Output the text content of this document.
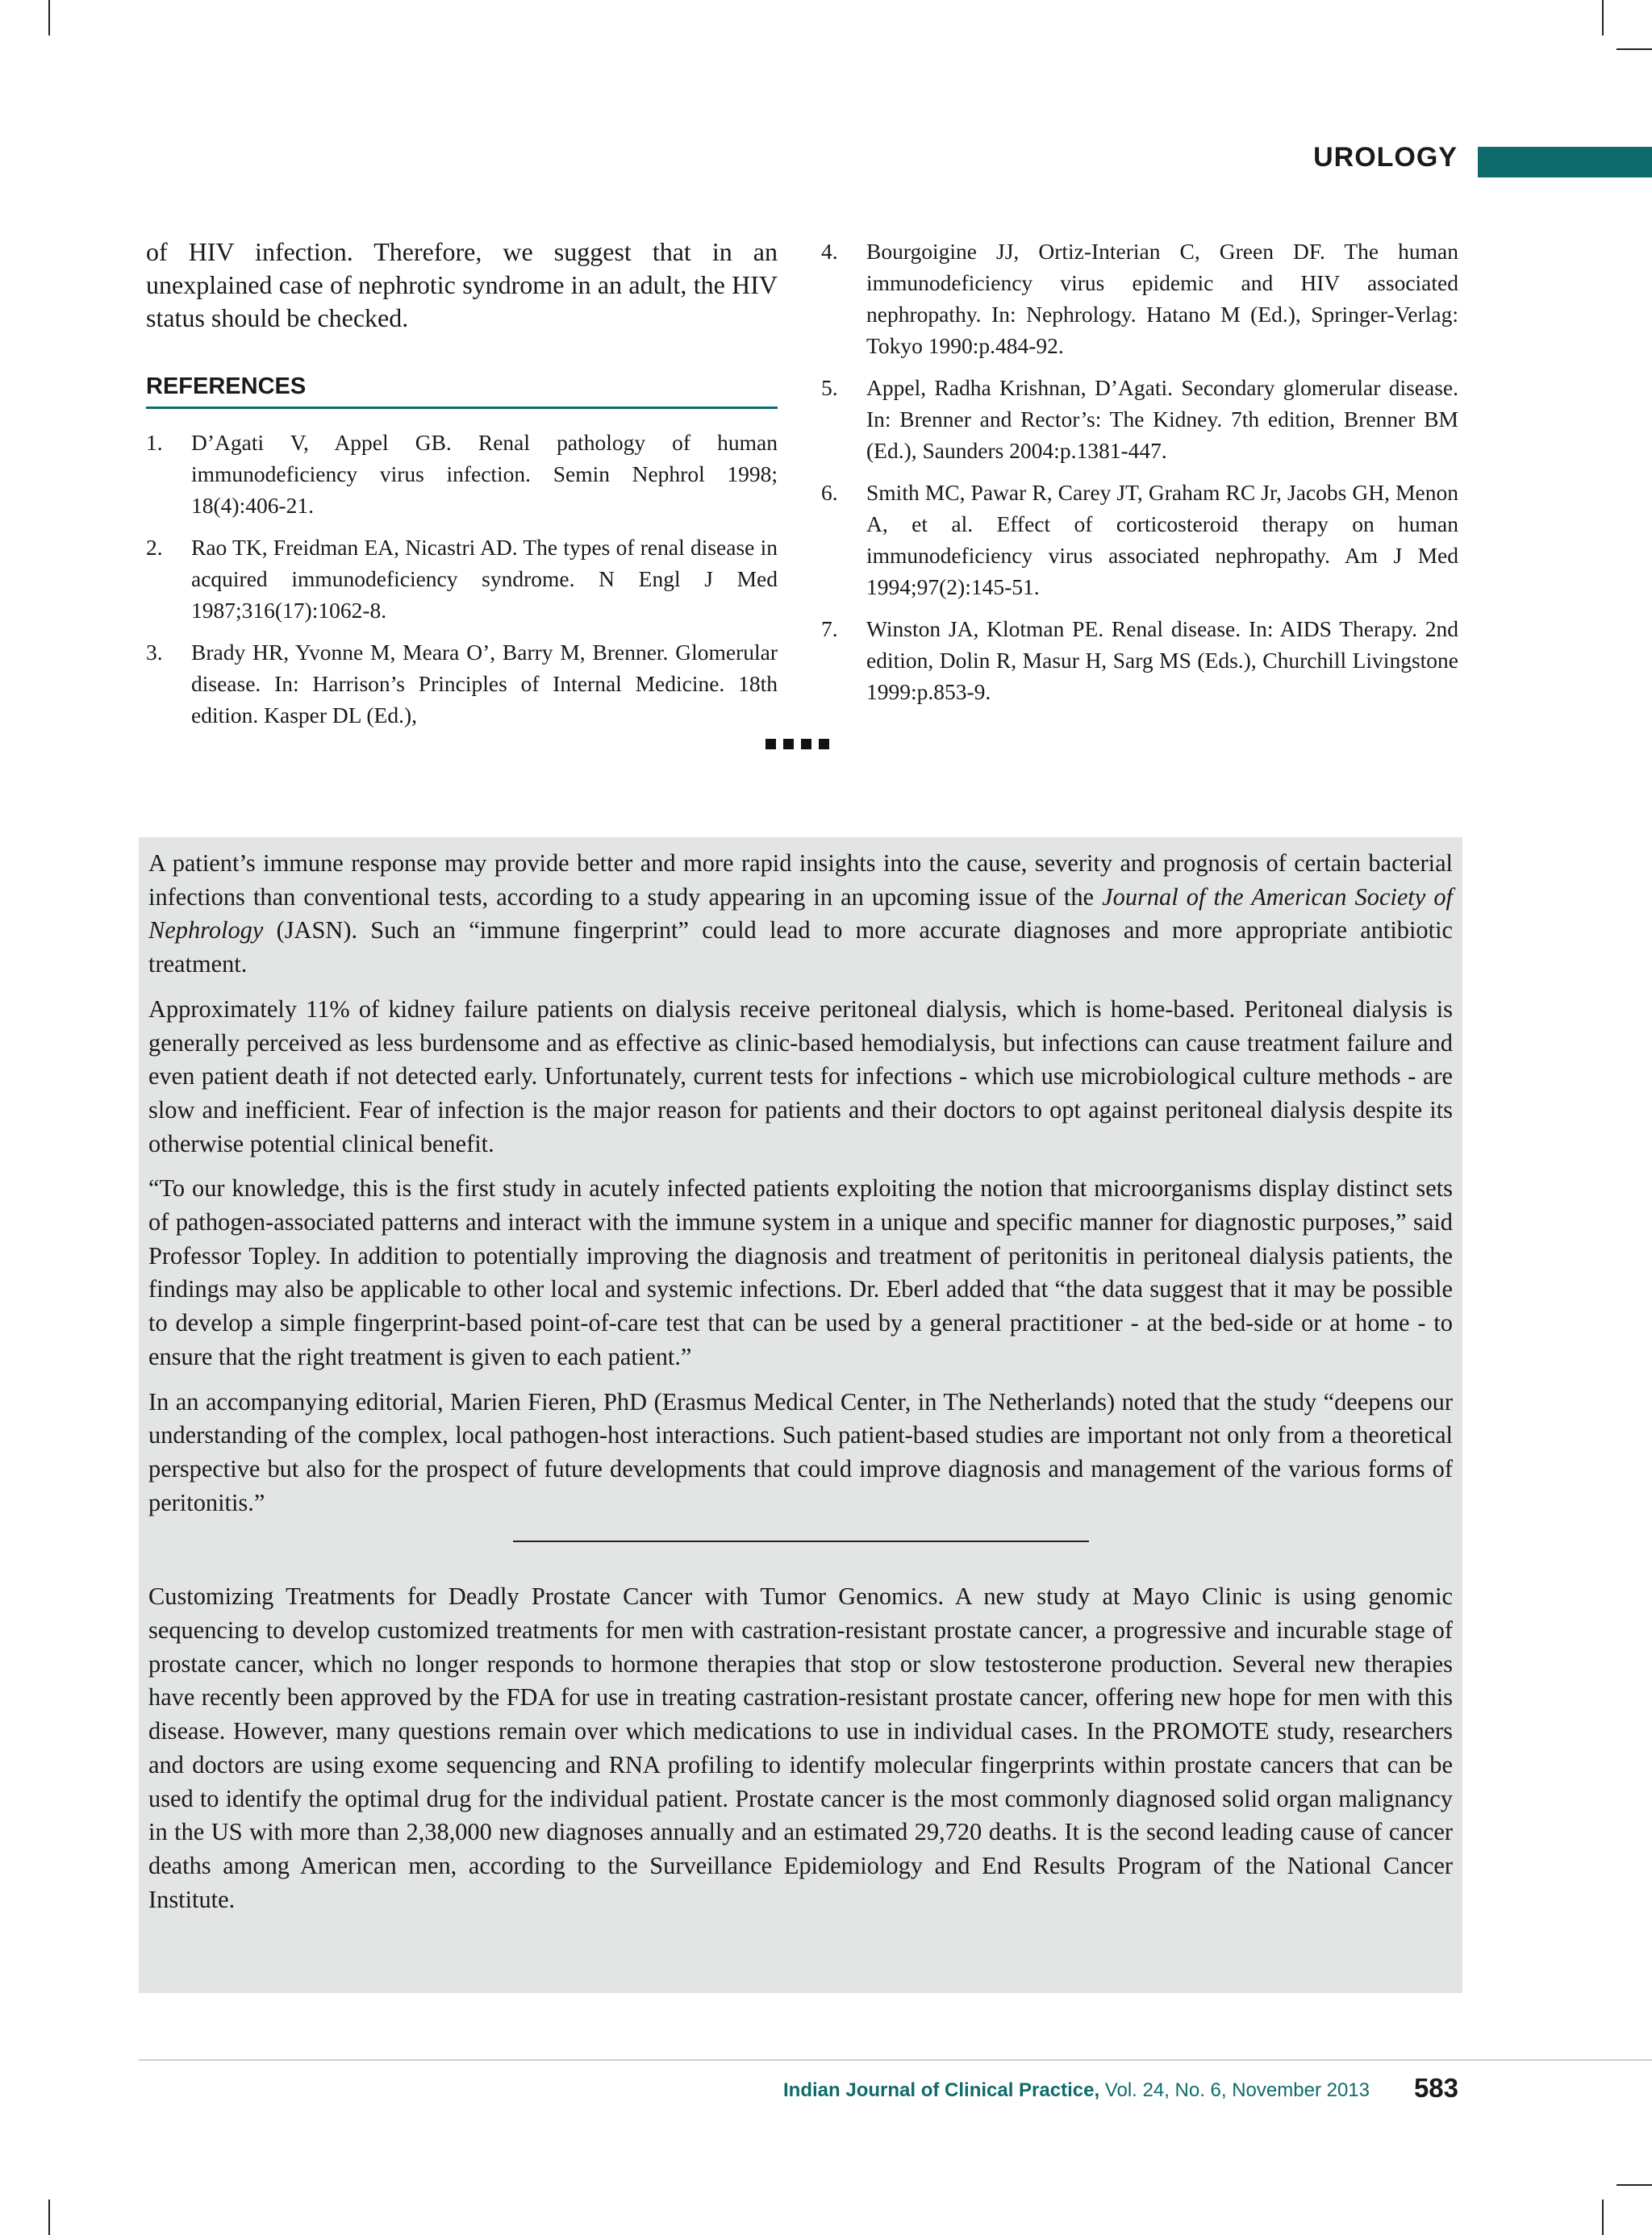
UROLOGY

of HIV infection. Therefore, we suggest that in an unexplained case of nephrotic syndrome in an adult, the HIV status should be checked.

REFERENCES
1.	D’Agati V, Appel GB. Renal pathology of human immunodeficiency virus infection. Semin Nephrol 1998; 18(4):406-21.
2.	Rao TK, Freidman EA, Nicastri AD. The types of renal disease in acquired immunodeficiency syndrome. N Engl J Med 1987;316(17):1062-8.
3.	Brady HR, Yvonne M, Meara O’, Barry M, Brenner. Glomerular disease. In: Harrison’s Principles of Internal Medicine. 18th edition. Kasper DL (Ed.),
4.	Bourgoigine JJ, Ortiz-Interian C, Green DF. The human immunodeficiency virus epidemic and HIV associated nephropathy. In: Nephrology. Hatano M (Ed.), Springer-Verlag: Tokyo 1990:p.484-92.
5.	Appel, Radha Krishnan, D’Agati. Secondary glomerular disease. In: Brenner and Rector’s: The Kidney. 7th edition, Brenner BM (Ed.), Saunders 2004:p.1381-447.
6.	Smith MC, Pawar R, Carey JT, Graham RC Jr, Jacobs GH, Menon A, et al. Effect of corticosteroid therapy on human immunodeficiency virus associated nephropathy. Am J Med 1994;97(2):145-51.
7.	Winston JA, Klotman PE. Renal disease. In: AIDS Therapy. 2nd edition, Dolin R, Masur H, Sarg MS (Eds.), Churchill Livingstone 1999:p.853-9.

A patient’s immune response may provide better and more rapid insights into the cause, severity and prognosis of certain bacterial infections than conventional tests, according to a study appearing in an upcoming issue of the Journal of the American Society of Nephrology (JASN). Such an “immune fingerprint” could lead to more accurate diagnoses and more appropriate antibiotic treatment.

Approximately 11% of kidney failure patients on dialysis receive peritoneal dialysis, which is home-based. Peritoneal dialysis is generally perceived as less burdensome and as effective as clinic-based hemodialysis, but infections can cause treatment failure and even patient death if not detected early. Unfortunately, current tests for infections - which use microbiological culture methods - are slow and inefficient. Fear of infection is the major reason for patients and their doctors to opt against peritoneal dialysis despite its otherwise potential clinical benefit.

“To our knowledge, this is the first study in acutely infected patients exploiting the notion that microorganisms display distinct sets of pathogen-associated patterns and interact with the immune system in a unique and specific manner for diagnostic purposes,” said Professor Topley. In addition to potentially improving the diagnosis and treatment of peritonitis in peritoneal dialysis patients, the findings may also be applicable to other local and systemic infections. Dr. Eberl added that “the data suggest that it may be possible to develop a simple fingerprint-based point-of-care test that can be used by a general practitioner - at the bed-side or at home - to ensure that the right treatment is given to each patient.”

In an accompanying editorial, Marien Fieren, PhD (Erasmus Medical Center, in The Netherlands) noted that the study “deepens our understanding of the complex, local pathogen-host interactions. Such patient-based studies are important not only from a theoretical perspective but also for the prospect of future developments that could improve diagnosis and management of the various forms of peritonitis.”

Customizing Treatments for Deadly Prostate Cancer with Tumor Genomics. A new study at Mayo Clinic is using genomic sequencing to develop customized treatments for men with castration-resistant prostate cancer, a progressive and incurable stage of prostate cancer, which no longer responds to hormone therapies that stop or slow testosterone production. Several new therapies have recently been approved by the FDA for use in treating castration-resistant prostate cancer, offering new hope for men with this disease. However, many questions remain over which medications to use in individual cases. In the PROMOTE study, researchers and doctors are using exome sequencing and RNA profiling to identify molecular fingerprints within prostate cancers that can be used to identify the optimal drug for the individual patient. Prostate cancer is the most commonly diagnosed solid organ malignancy in the US with more than 2,38,000 new diagnoses annually and an estimated 29,720 deaths. It is the second leading cause of cancer deaths among American men, according to the Surveillance Epidemiology and End Results Program of the National Cancer Institute.

Indian Journal of Clinical Practice, Vol. 24, No. 6, November 2013 583
